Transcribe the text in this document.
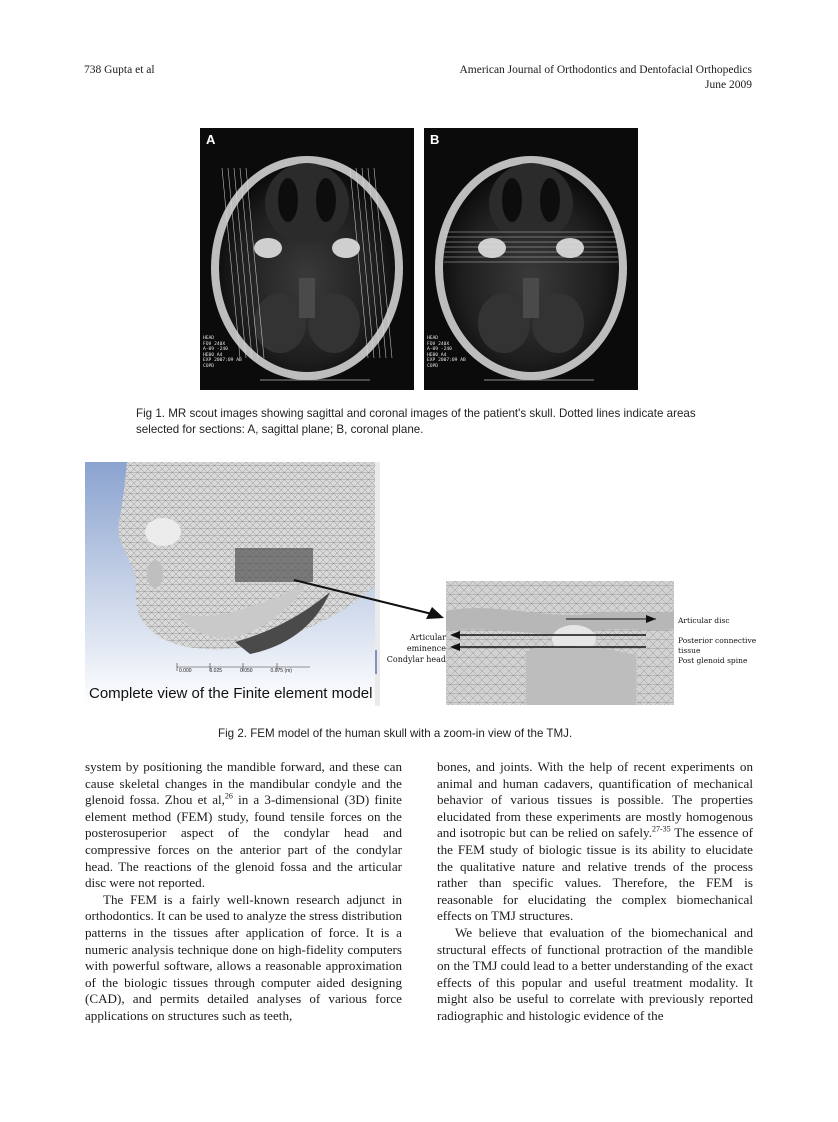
738 Gupta et al	American Journal of Orthodontics and Dentofacial Orthopedics
June 2009
A
HEAD
FOV 240X
A-09 -240
HE00 A4
EXP 2007:09 AB
COPD
B
HEAD
FOV 240X
A-09 -240
HE00 A4
EXP 2007:09 AB
COPD
Fig 1. MR scout images showing sagittal and coronal images of the patient's skull. Dotted lines indicate areas selected for sections: A, sagittal plane; B, coronal plane.
0.000	0.025	0.050	0.075 (m)
Complete view of the Finite element model
Articular eminence
Condylar head
Articular disc
Posterior connective tissue
Post glenoid spine
Fig 2. FEM model of the human skull with a zoom-in view of the TMJ.

system by positioning the mandible forward, and these can cause skeletal changes in the mandibular condyle and the glenoid fossa. Zhou et al,$^{26}$ in a 3-dimensional (3D) finite element method (FEM) study, found tensile forces on the posterosuperior aspect of the condylar head and compressive forces on the anterior part of the condylar head. The reactions of the glenoid fossa and the articular disc were not reported.

The FEM is a fairly well-known research adjunct in orthodontics. It can be used to analyze the stress distribution patterns in the tissues after application of force. It is a numeric analysis technique done on high-fidelity computers with powerful software, allows a reasonable approximation of the biologic tissues through computer aided designing (CAD), and permits detailed analyses of various force applications on structures such as teeth,

bones, and joints. With the help of recent experiments on animal and human cadavers, quantification of mechanical behavior of various tissues is possible. The properties elucidated from these experiments are mostly homogenous and isotropic but can be relied on safely.$^{27-35}$ The essence of the FEM study of biologic tissue is its ability to elucidate the qualitative nature and relative trends of the process rather than specific values. Therefore, the FEM is reasonable for elucidating the complex biomechanical effects on TMJ structures.

We believe that evaluation of the biomechanical and structural effects of functional protraction of the mandible on the TMJ could lead to a better understanding of the exact effects of this popular and useful treatment modality. It might also be useful to correlate with previously reported radiographic and histologic evidence of the
